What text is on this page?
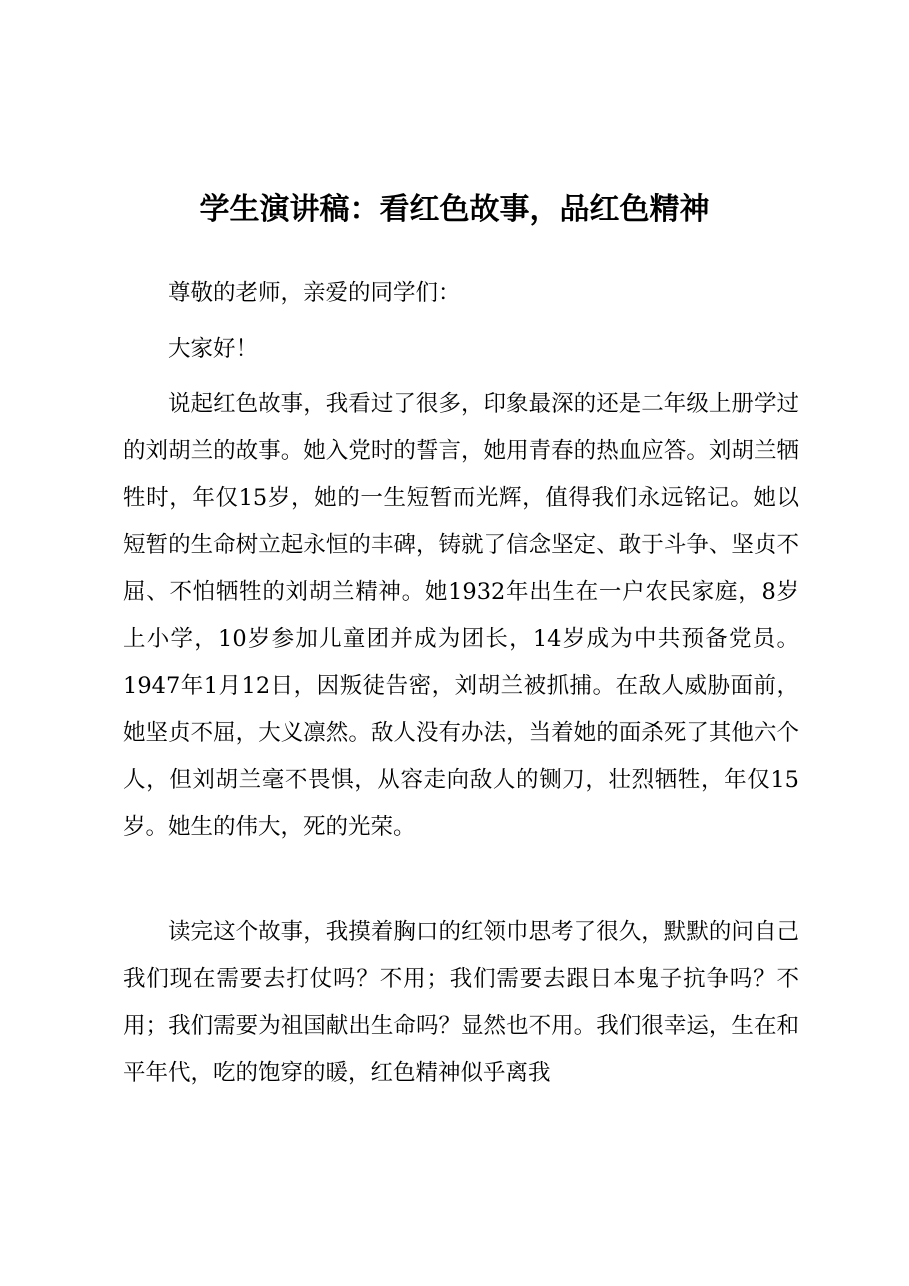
学生演讲稿：看红色故事，品红色精神

尊敬的老师，亲爱的同学们：

大家好！

说起红色故事，我看过了很多，印象最深的还是二年级上册学过的刘胡兰的故事。她入党时的誓言，她用青春的热血应答。刘胡兰牺牲时，年仅15岁，她的一生短暂而光辉，值得我们永远铭记。她以短暂的生命树立起永恒的丰碑，铸就了信念坚定、敢于斗争、坚贞不屈、不怕牺牲的刘胡兰精神。她1932年出生在一户农民家庭，8岁上小学，10岁参加儿童团并成为团长，14岁成为中共预备党员。1947年1月12日，因叛徒告密，刘胡兰被抓捕。在敌人威胁面前，她坚贞不屈，大义凛然。敌人没有办法，当着她的面杀死了其他六个人，但刘胡兰毫不畏惧，从容走向敌人的铡刀，壮烈牺牲，年仅15岁。她生的伟大，死的光荣。

读完这个故事，我摸着胸口的红领巾思考了很久，默默的问自己我们现在需要去打仗吗？不用；我们需要去跟日本鬼子抗争吗？不用；我们需要为祖国献出生命吗？显然也不用。我们很幸运，生在和平年代，吃的饱穿的暖，红色精神似乎离我
